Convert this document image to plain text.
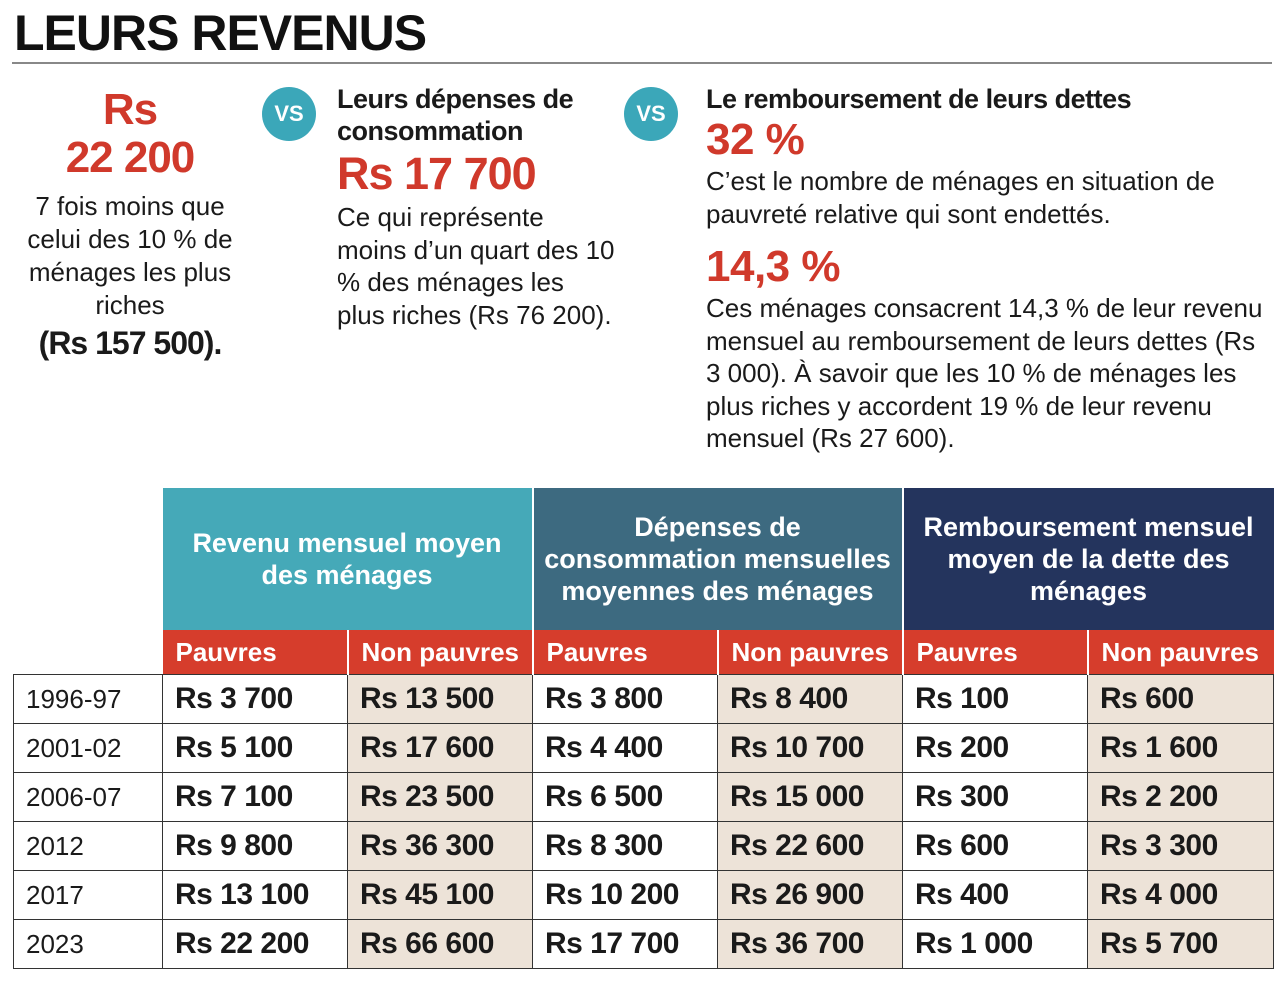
LEURS REVENUS
Rs
22 200
7 fois moins que celui des 10 % de ménages les plus riches
(Rs 157 500).
VS	Leurs dépenses de consommation
Rs 17 700
Ce qui représente moins d’un quart des 10 % des ménages les plus riches (Rs 76 200).
VS	Le remboursement de leurs dettes
32 %
C’est le nombre de ménages en situation de pauvreté relative qui sont endettés.
14,3 %
Ces ménages consacrent 14,3 % de leur revenu mensuel au remboursement de leurs dettes (Rs 3 000). À savoir que les 10 % de ménages les plus riches y accordent 19 % de leur revenu mensuel (Rs 27 600).
	Revenu mensuel moyen des ménages		Dépenses de consommation mensuelles moyennes des ménages		Remboursement mensuel moyen de la dette des ménages	
	Pauvres	Non pauvres	Pauvres	Non pauvres	Pauvres	Non pauvres
1996-97	Rs 3 700	Rs 13 500	Rs 3 800	Rs 8 400	Rs 100	Rs 600
2001-02	Rs 5 100	Rs 17 600	Rs 4 400	Rs 10 700	Rs 200	Rs 1 600
2006-07	Rs 7 100	Rs 23 500	Rs 6 500	Rs 15 000	Rs 300	Rs 2 200
2012	Rs 9 800	Rs 36 300	Rs 8 300	Rs 22 600	Rs 600	Rs 3 300
2017	Rs 13 100	Rs 45 100	Rs 10 200	Rs 26 900	Rs 400	Rs 4 000
2023	Rs 22 200	Rs 66 600	Rs 17 700	Rs 36 700	Rs 1 000	Rs 5 700
